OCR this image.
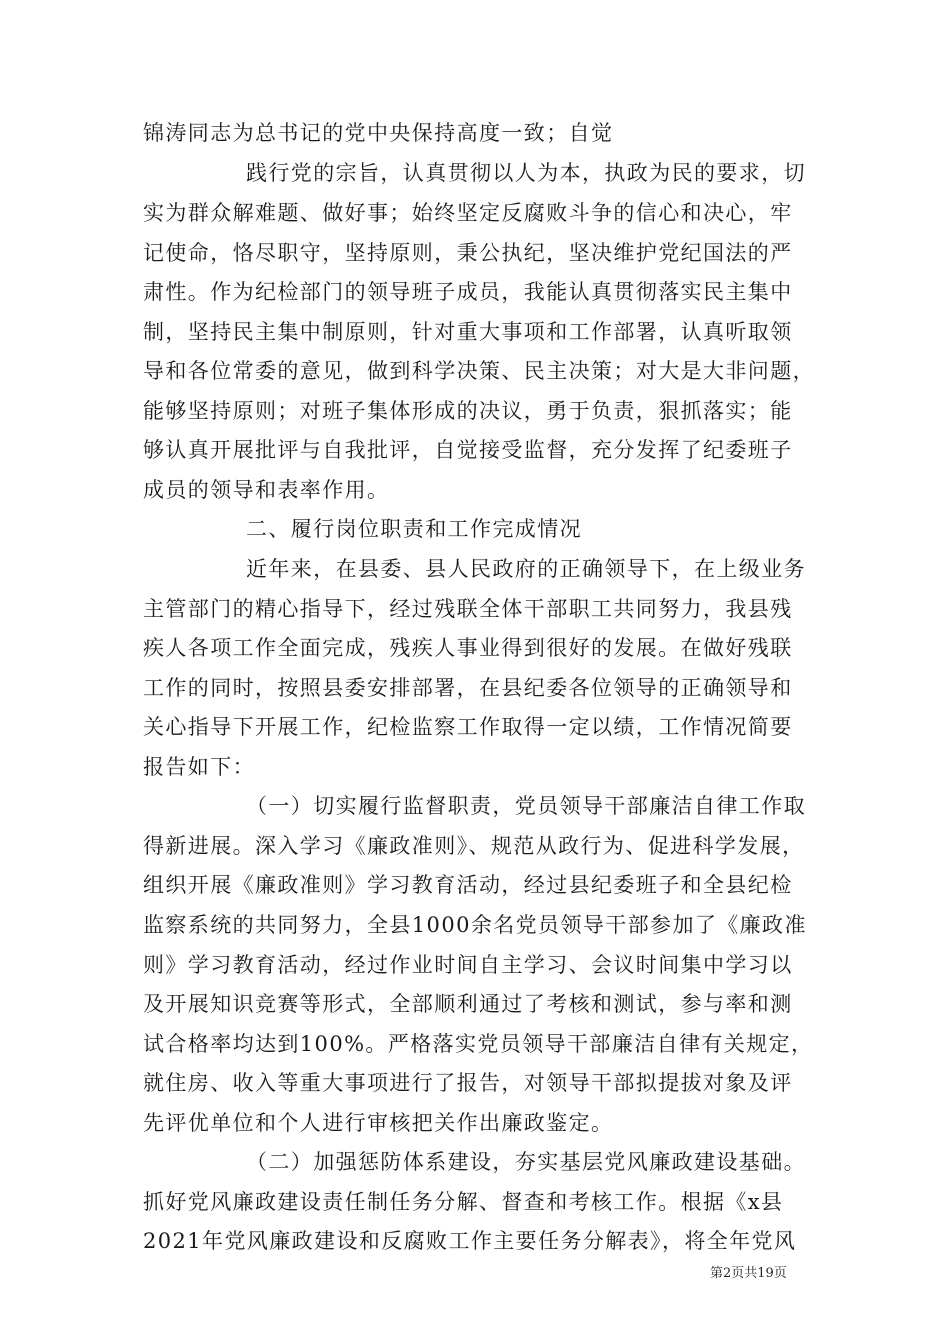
锦涛同志为总书记的党中央保持高度一致；自觉
践行党的宗旨，认真贯彻以人为本，执政为民的要求，切
实为群众解难题、做好事；始终坚定反腐败斗争的信心和决心，牢
记使命，恪尽职守，坚持原则，秉公执纪，坚决维护党纪国法的严
肃性。作为纪检部门的领导班子成员，我能认真贯彻落实民主集中
制，坚持民主集中制原则，针对重大事项和工作部署，认真听取领
导和各位常委的意见，做到科学决策、民主决策；对大是大非问题，
能够坚持原则；对班子集体形成的决议，勇于负责，狠抓落实；能
够认真开展批评与自我批评，自觉接受监督，充分发挥了纪委班子
成员的领导和表率作用。
二、履行岗位职责和工作完成情况
近年来，在县委、县人民政府的正确领导下，在上级业务
主管部门的精心指导下，经过残联全体干部职工共同努力，我县残
疾人各项工作全面完成，残疾人事业得到很好的发展。在做好残联
工作的同时，按照县委安排部署，在县纪委各位领导的正确领导和
关心指导下开展工作，纪检监察工作取得一定以绩，工作情况简要
报告如下：
（一）切实履行监督职责，党员领导干部廉洁自律工作取
得新进展。深入学习《廉政准则》、规范从政行为、促进科学发展，
组织开展《廉政准则》学习教育活动，经过县纪委班子和全县纪检
监察系统的共同努力，全县1000余名党员领导干部参加了《廉政准
则》学习教育活动，经过作业时间自主学习、会议时间集中学习以
及开展知识竞赛等形式，全部顺利通过了考核和测试，参与率和测
试合格率均达到100%。严格落实党员领导干部廉洁自律有关规定，
就住房、收入等重大事项进行了报告，对领导干部拟提拔对象及评
先评优单位和个人进行审核把关作出廉政鉴定。
（二）加强惩防体系建设，夯实基层党风廉政建设基础。
抓好党风廉政建设责任制任务分解、督查和考核工作。根据《x县
2021年党风廉政建设和反腐败工作主要任务分解表》，将全年党风
第2页共19页
